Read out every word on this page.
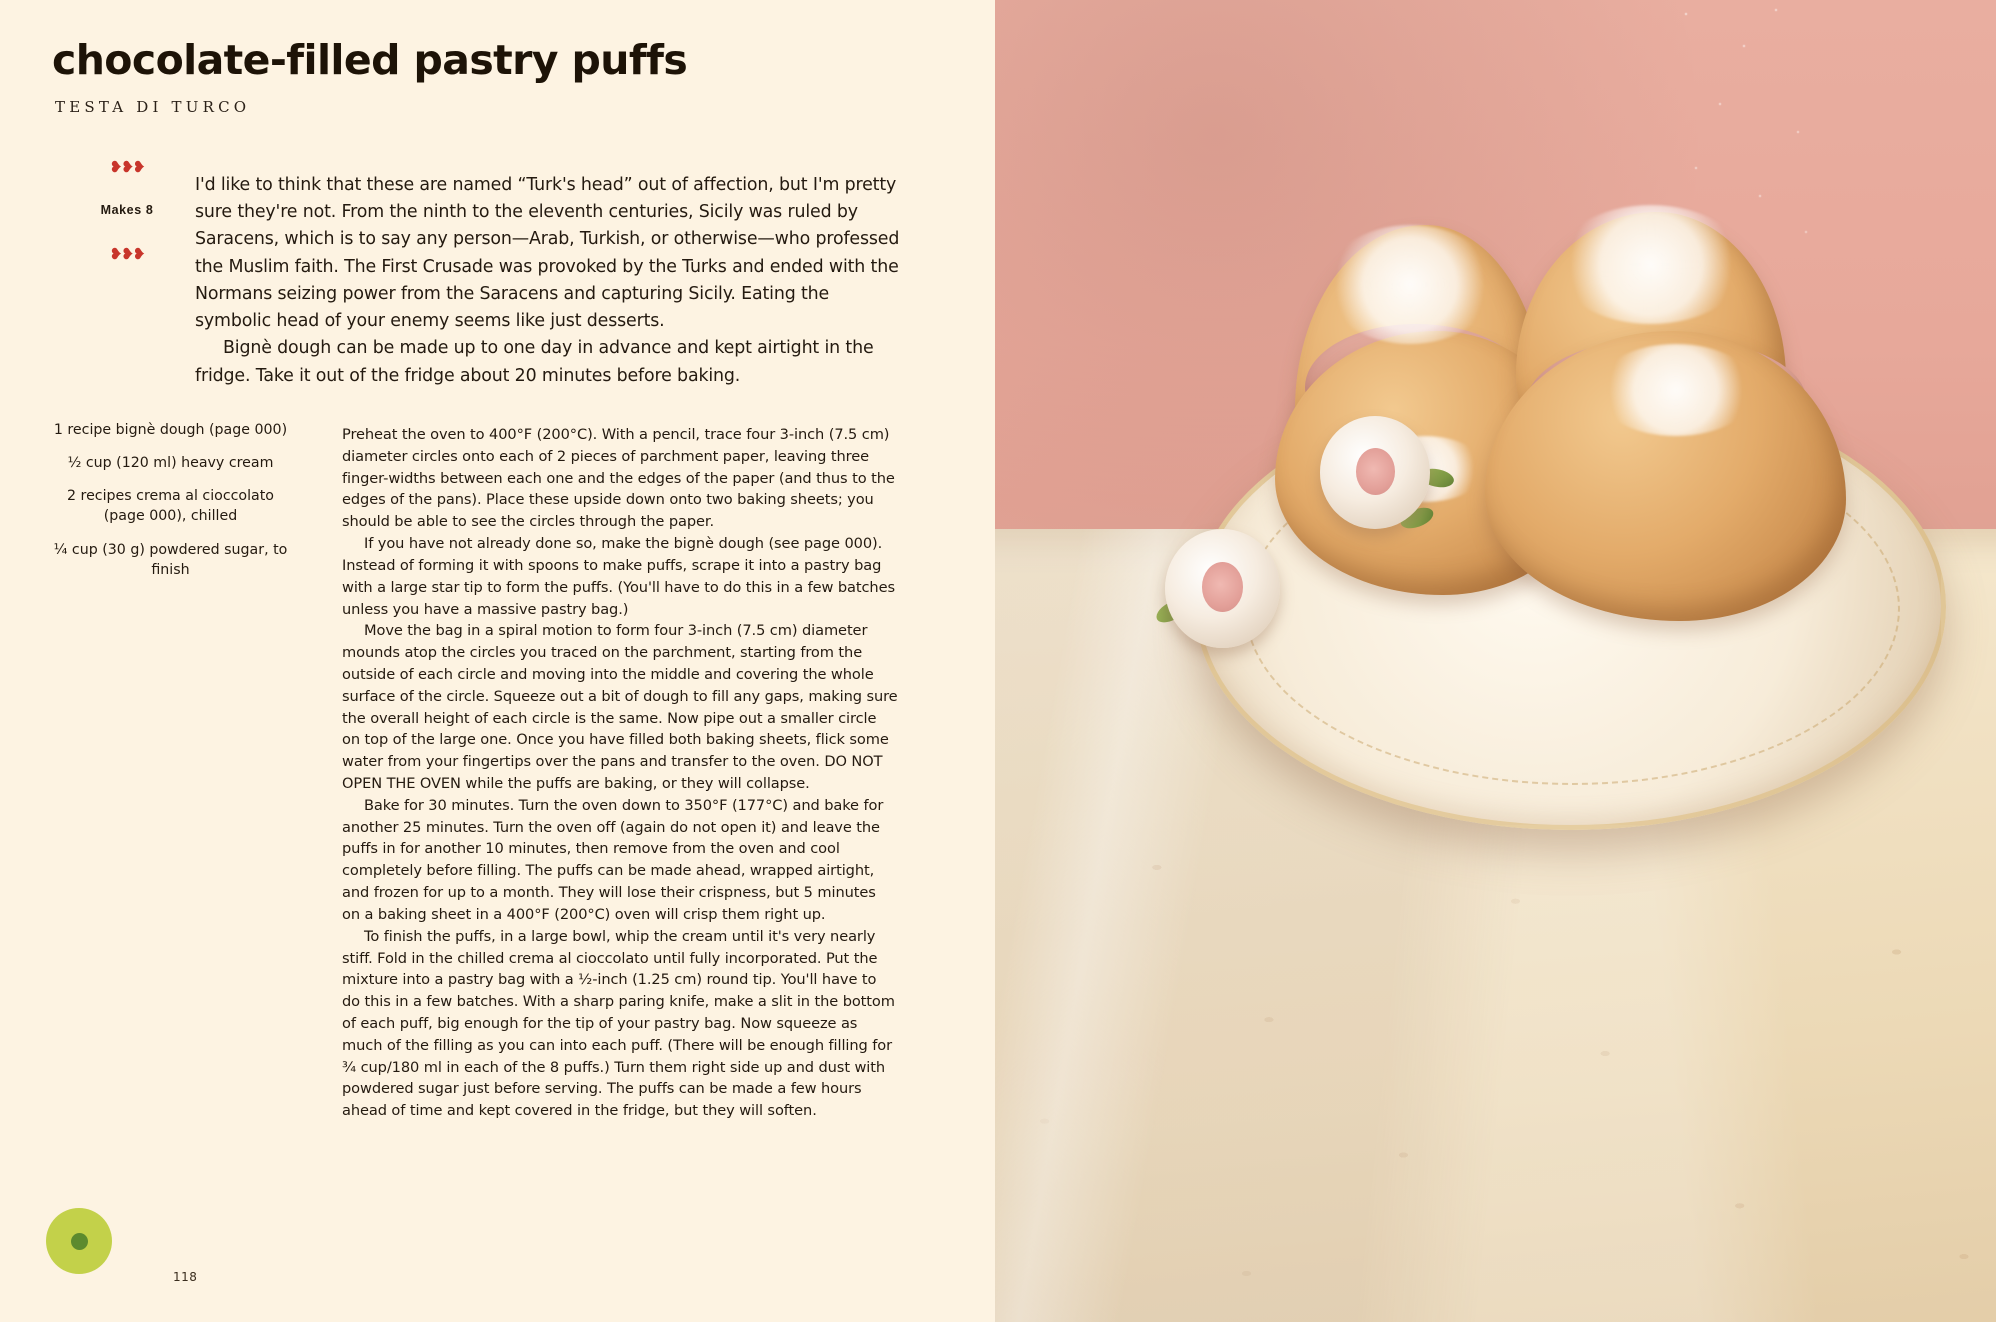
chocolate-filled pastry puffs
TESTA DI TURCO
❥❥❥
Makes 8
❥❥❥

I'd like to think that these are named “Turk's head” out of affection, but I'm pretty sure they're not. From the ninth to the eleventh centuries, Sicily was ruled by Saracens, which is to say any person—Arab, Turkish, or otherwise—who professed the Muslim faith. The First Crusade was provoked by the Turks and ended with the Normans seizing power from the Saracens and capturing Sicily. Eating the symbolic head of your enemy seems like just desserts.

Bignè dough can be made up to one day in advance and kept airtight in the fridge. Take it out of the fridge about 20 minutes before baking.

1 recipe bignè dough (page 000)
½ cup (120 ml) heavy cream
2 recipes crema al cioccolato (page 000), chilled
¼ cup (30 g) powdered sugar, to finish

Preheat the oven to 400°F (200°C). With a pencil, trace four 3-inch (7.5 cm) diameter circles onto each of 2 pieces of parchment paper, leaving three finger-widths between each one and the edges of the paper (and thus to the edges of the pans). Place these upside down onto two baking sheets; you should be able to see the circles through the paper.

If you have not already done so, make the bignè dough (see page 000). Instead of forming it with spoons to make puffs, scrape it into a pastry bag with a large star tip to form the puffs. (You'll have to do this in a few batches unless you have a massive pastry bag.)

Move the bag in a spiral motion to form four 3-inch (7.5 cm) diameter mounds atop the circles you traced on the parchment, starting from the outside of each circle and moving into the middle and covering the whole surface of the circle. Squeeze out a bit of dough to fill any gaps, making sure the overall height of each circle is the same. Now pipe out a smaller circle on top of the large one. Once you have filled both baking sheets, flick some water from your fingertips over the pans and transfer to the oven. DO NOT OPEN THE OVEN while the puffs are baking, or they will collapse.

Bake for 30 minutes. Turn the oven down to 350°F (177°C) and bake for another 25 minutes. Turn the oven off (again do not open it) and leave the puffs in for another 10 minutes, then remove from the oven and cool completely before filling. The puffs can be made ahead, wrapped airtight, and frozen for up to a month. They will lose their crispness, but 5 minutes on a baking sheet in a 400°F (200°C) oven will crisp them right up.

To finish the puffs, in a large bowl, whip the cream until it's very nearly stiff. Fold in the chilled crema al cioccolato until fully incorporated. Put the mixture into a pastry bag with a ½-inch (1.25 cm) round tip. You'll have to do this in a few batches. With a sharp paring knife, make a slit in the bottom of each puff, big enough for the tip of your pastry bag. Now squeeze as much of the filling as you can into each puff. (There will be enough filling for ¾ cup/180 ml in each of the 8 puffs.) Turn them right side up and dust with powdered sugar just before serving. The puffs can be made a few hours ahead of time and kept covered in the fridge, but they will soften.

118
